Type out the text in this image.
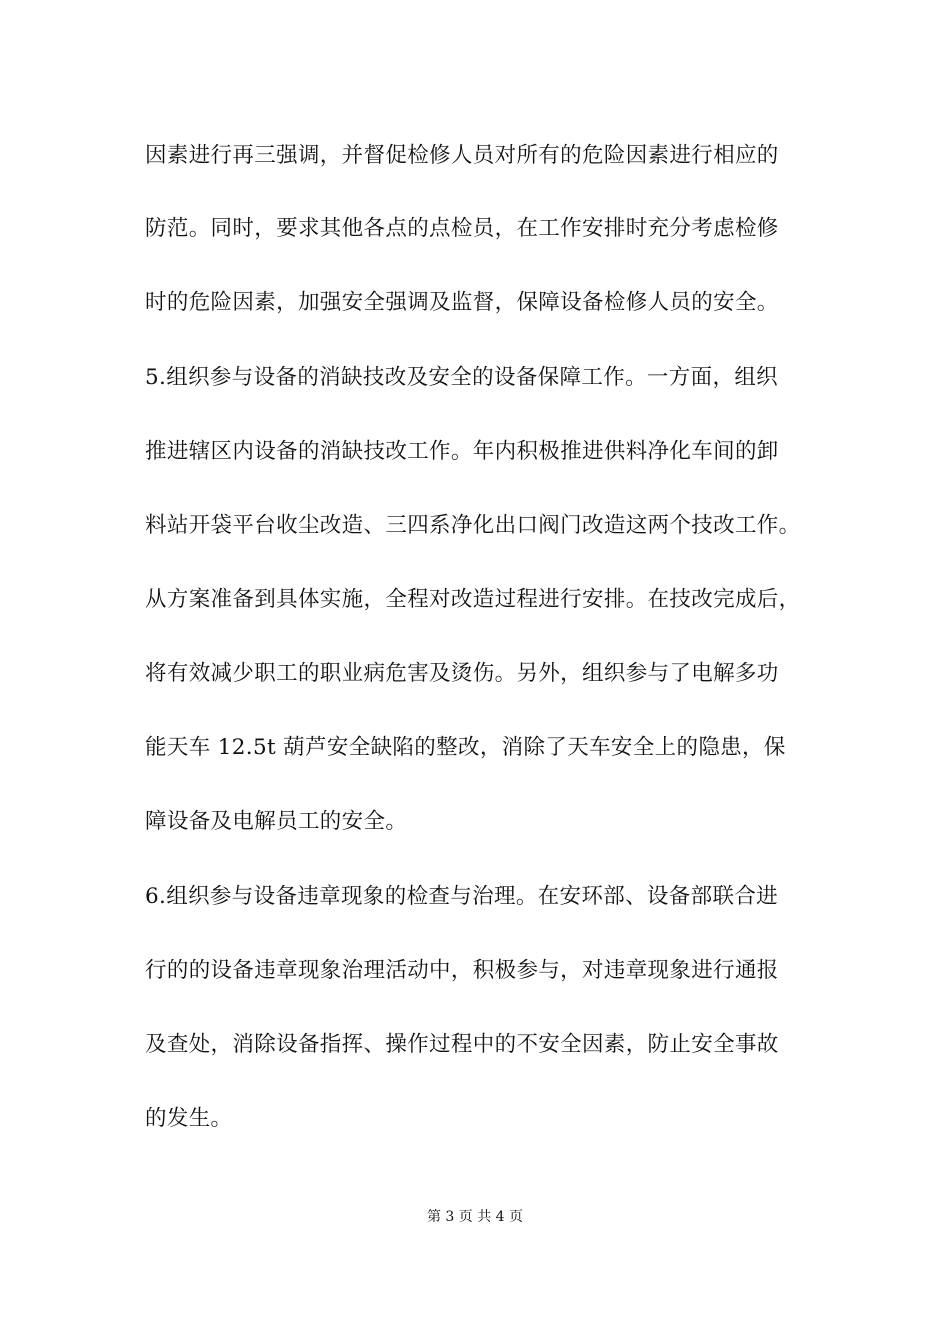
因素进行再三强调，并督促检修人员对所有的危险因素进行相应的
防范。同时，要求其他各点的点检员，在工作安排时充分考虑检修
时的危险因素，加强安全强调及监督，保障设备检修人员的安全。
5.组织参与设备的消缺技改及安全的设备保障工作。一方面，组织
推进辖区内设备的消缺技改工作。年内积极推进供料净化车间的卸
料站开袋平台收尘改造、三四系净化出口阀门改造这两个技改工作。
从方案准备到具体实施，全程对改造过程进行安排。在技改完成后，
将有效减少职工的职业病危害及烫伤。另外，组织参与了电解多功
能天车 12.5t 葫芦安全缺陷的整改，消除了天车安全上的隐患，保
障设备及电解员工的安全。
6.组织参与设备违章现象的检查与治理。在安环部、设备部联合进
行的的设备违章现象治理活动中，积极参与，对违章现象进行通报
及查处，消除设备指挥、操作过程中的不安全因素，防止安全事故
的发生。
第 3 页 共 4 页
